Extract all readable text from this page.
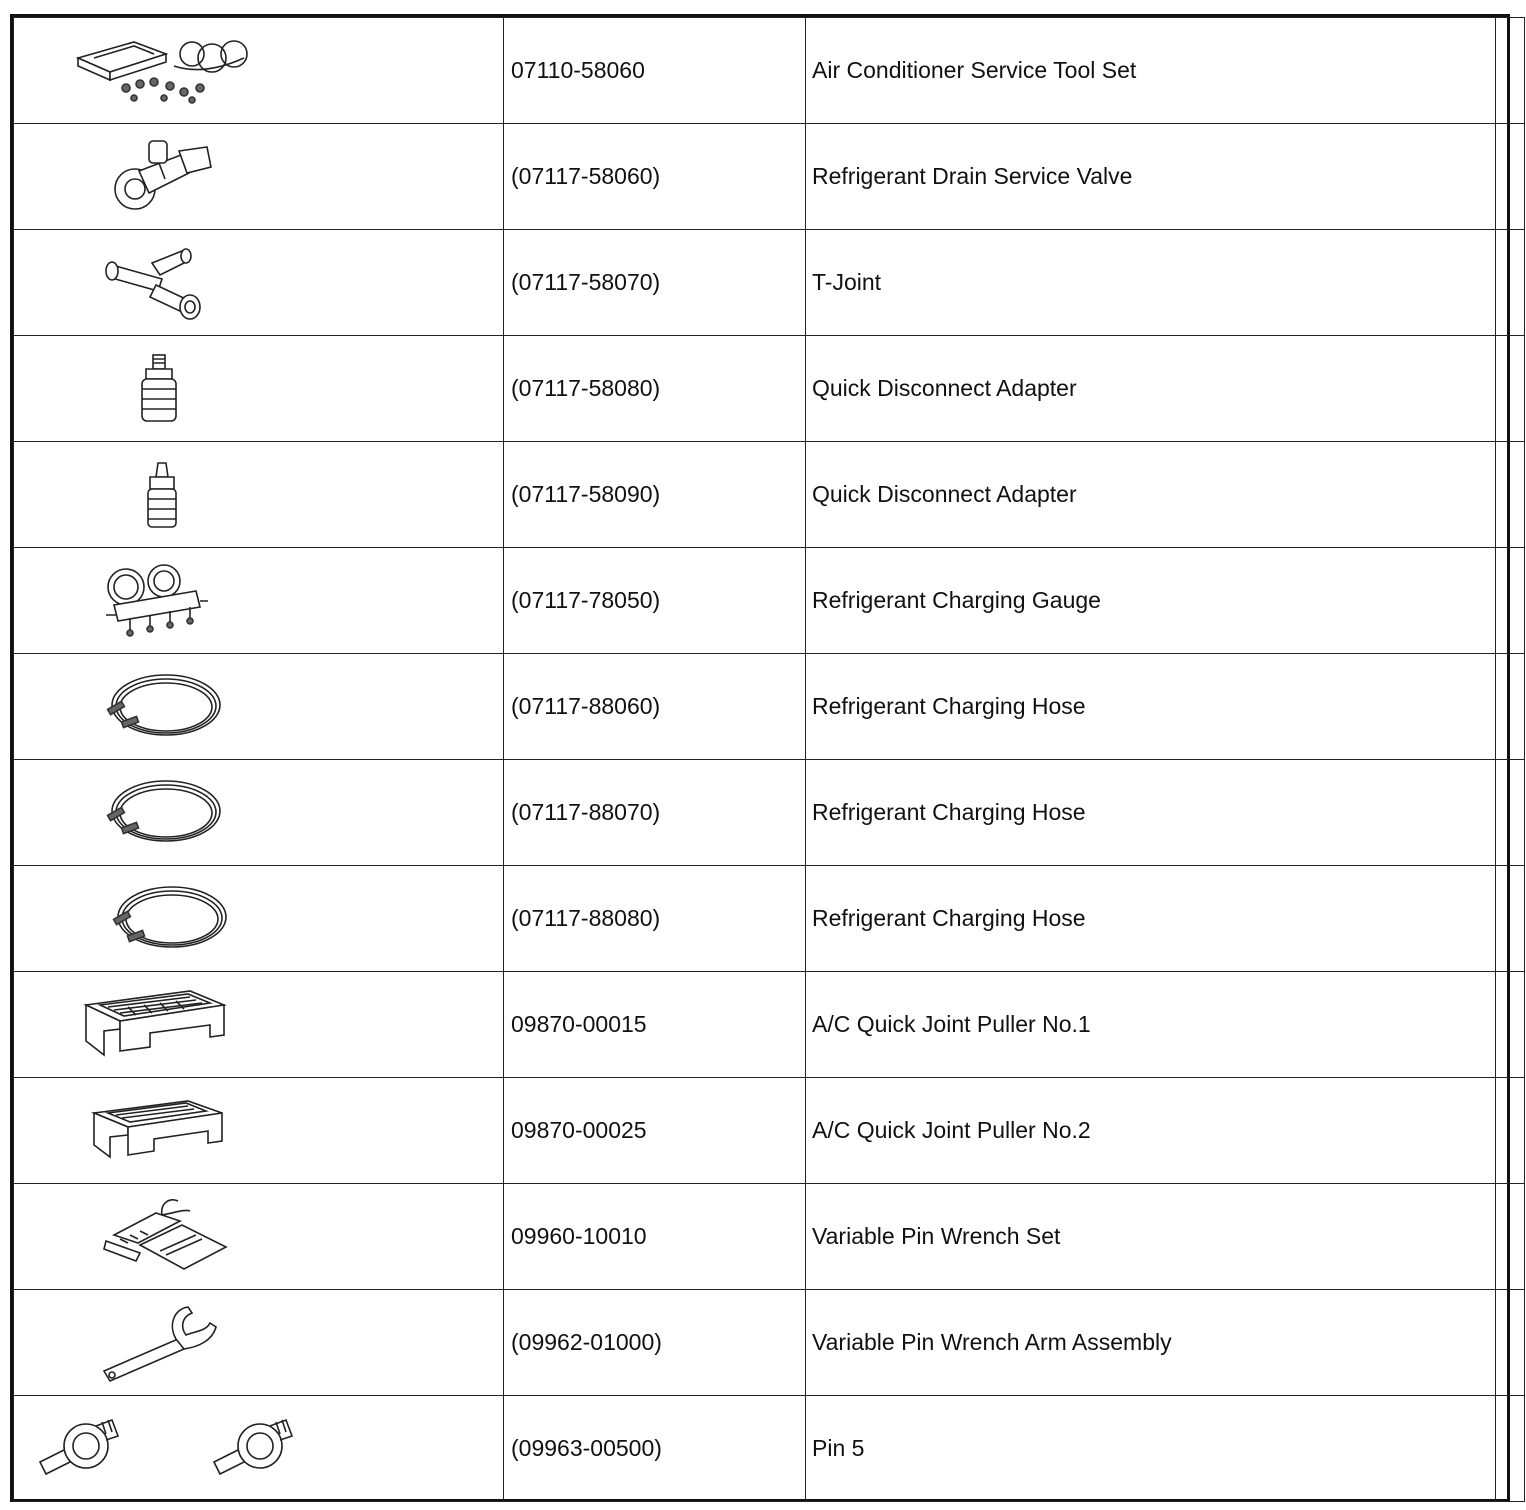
	07110-58060	Air Conditioner Service Tool Set	

	(07117-58060)	Refrigerant Drain Service Valve	

	(07117-58070)	T-Joint	

	(07117-58080)	Quick Disconnect Adapter	

	(07117-58090)	Quick Disconnect Adapter	

	(07117-78050)	Refrigerant Charging Gauge	

	(07117-88060)	Refrigerant Charging Hose	

	(07117-88070)	Refrigerant Charging Hose	

	(07117-88080)	Refrigerant Charging Hose	

	09870-00015	A/C Quick Joint Puller No.1	

	09870-00025	A/C Quick Joint Puller No.2	

	09960-10010	Variable Pin Wrench Set	

	(09962-01000)	Variable Pin Wrench Arm Assembly	

	(09963-00500)	Pin 5	
